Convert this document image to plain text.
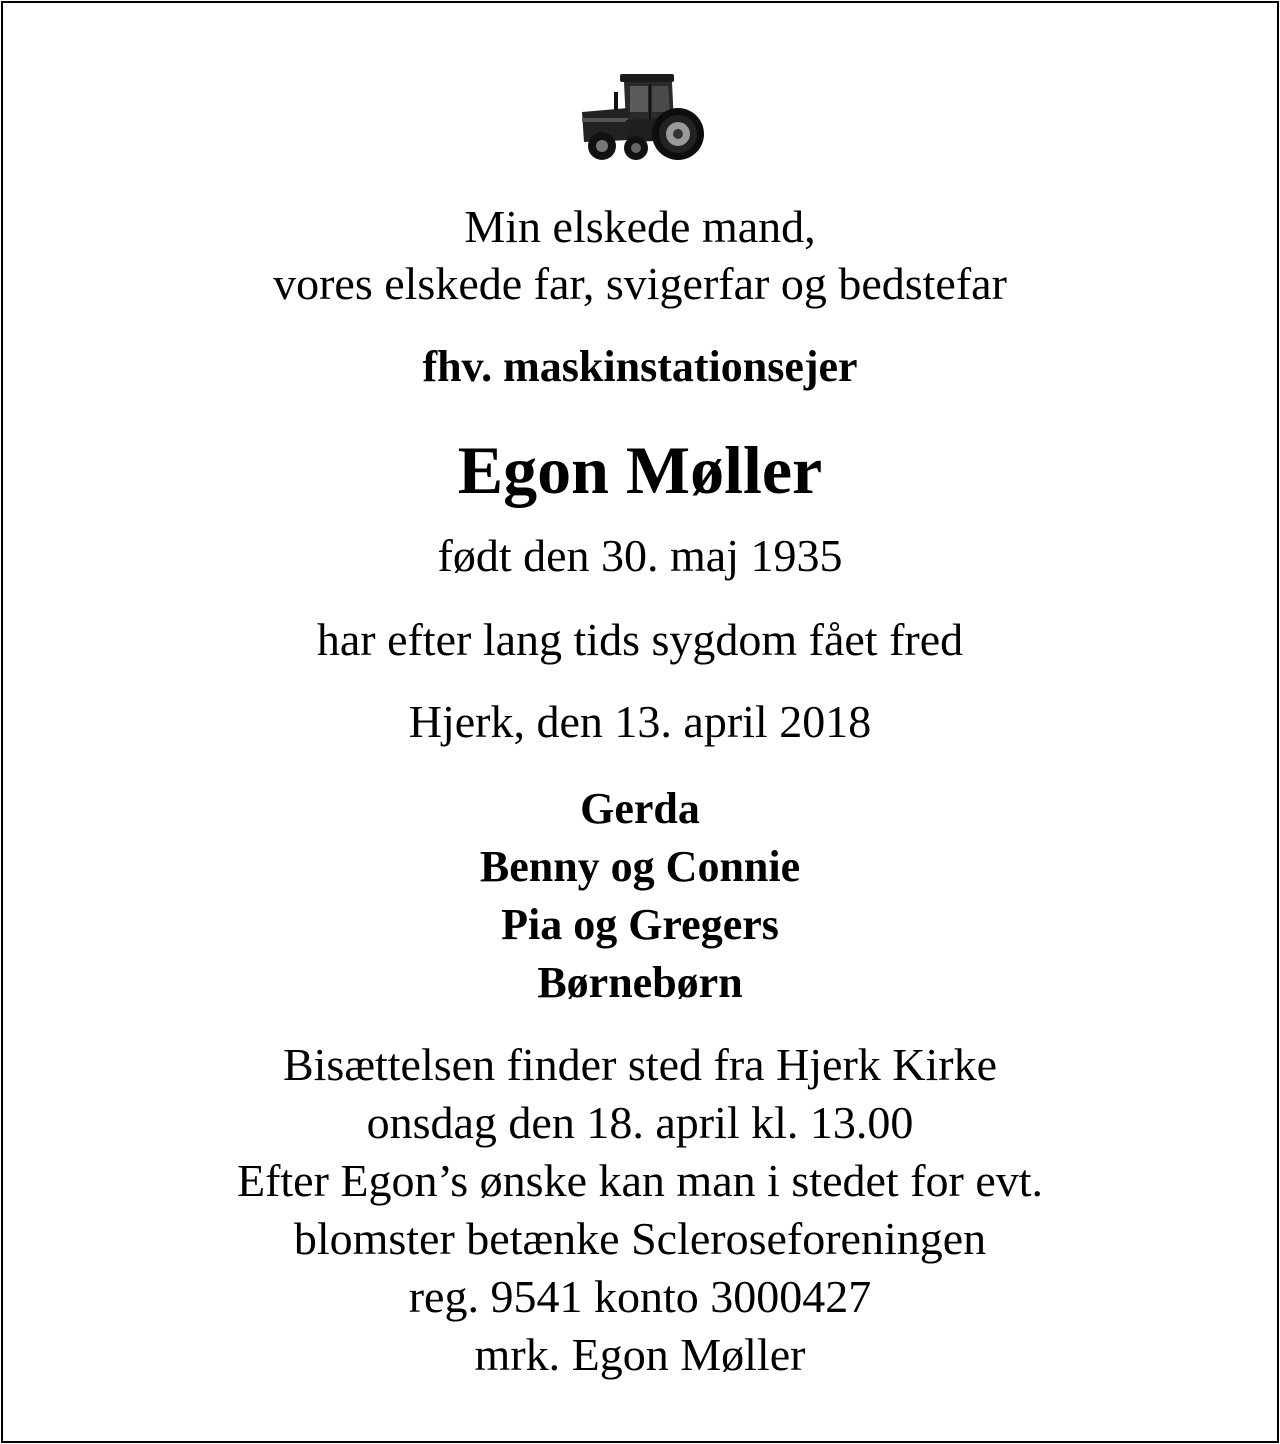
Min elskede mand,
vores elskede far, svigerfar og bedstefar
fhv. maskinstationsejer
Egon Møller
født den 30. maj 1935
har efter lang tids sygdom fået fred
Hjerk, den 13. april 2018
Gerda
Benny og Connie
Pia og Gregers
Børnebørn
Bisættelsen finder sted fra Hjerk Kirke
onsdag den 18. april kl. 13.00
Efter Egon’s ønske kan man i stedet for evt.
blomster betænke Scleroseforeningen
reg. 9541 konto 3000427
mrk. Egon Møller
